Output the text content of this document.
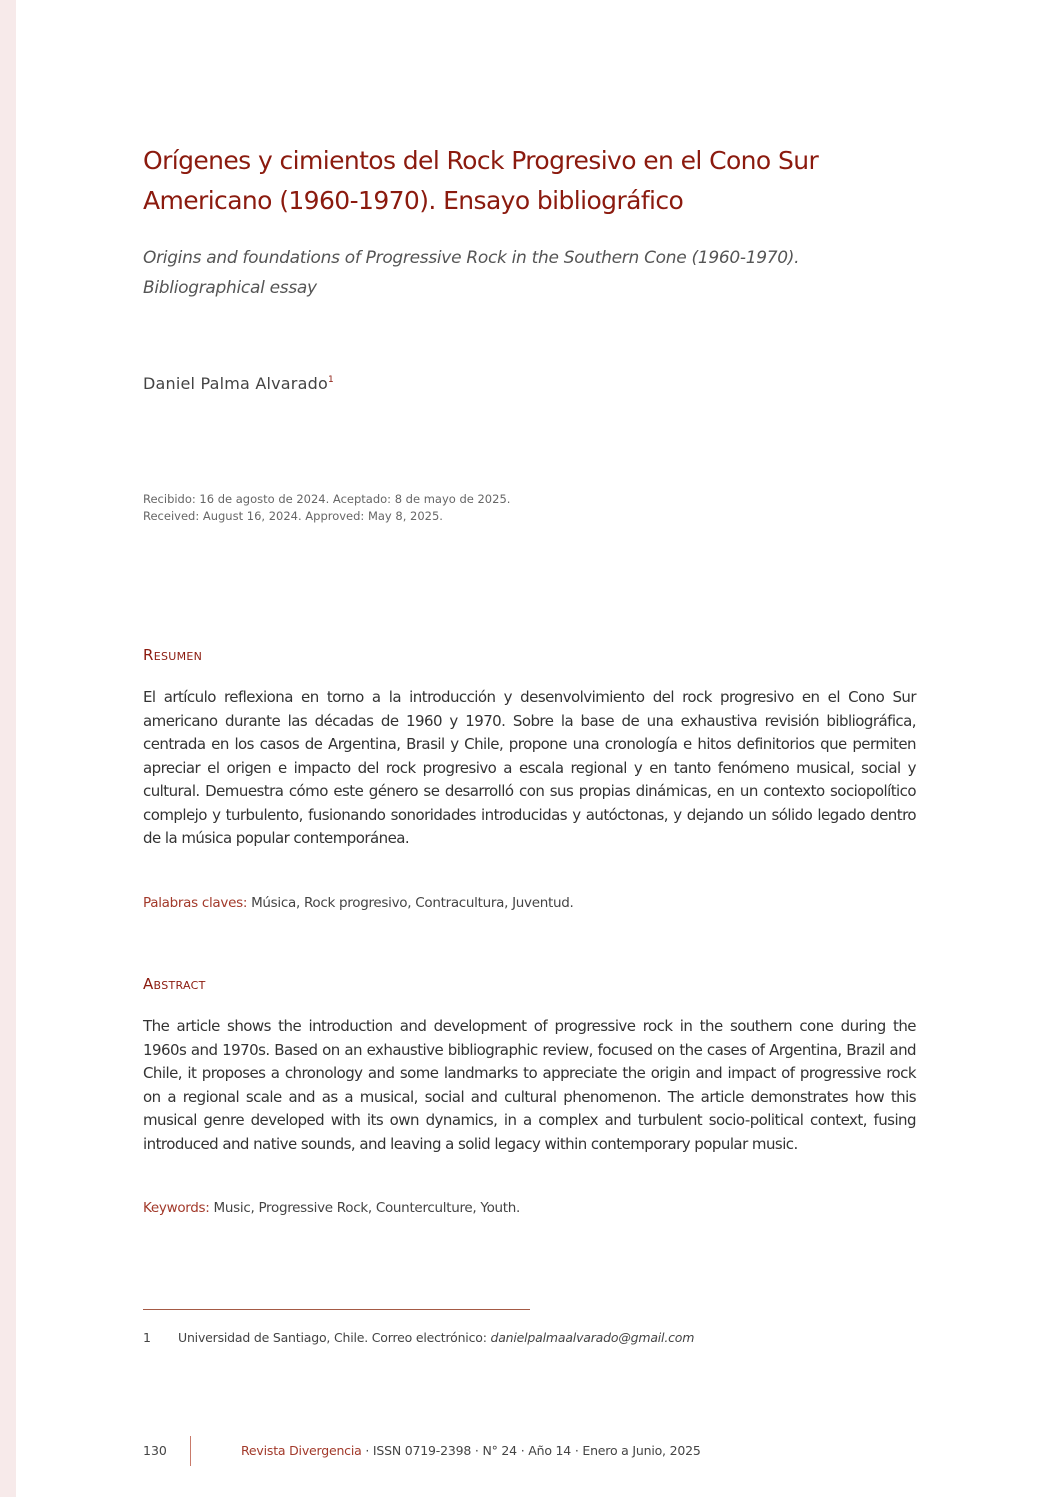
Orígenes y cimientos del Rock Progresivo en el Cono Sur Americano (1960-1970). Ensayo bibliográfico

Origins and foundations of Progressive Rock in the Southern Cone (1960-1970). Bibliographical essay

Daniel Palma Alvarado$^1$
Recibido: 16 de agosto de 2024. Aceptado: 8 de mayo de 2025.
Received: August 16, 2024. Approved: May 8, 2025.
Resumen

El artículo reflexiona en torno a la introducción y desenvolvimiento del rock progresivo en el Cono Sur americano durante las décadas de 1960 y 1970. Sobre la base de una exhaustiva revisión bibliográfica, centrada en los casos de Argentina, Brasil y Chile, propone una cronología e hitos definitorios que permiten apreciar el origen e impacto del rock progresivo a escala regional y en tanto fenómeno musical, social y cultural. Demuestra cómo este género se desarrolló con sus propias dinámicas, en un contexto sociopolítico complejo y turbulento, fusionando sonoridades introducidas y autóctonas, y dejando un sólido legado dentro de la música popular contemporánea.

Palabras claves: Música, Rock progresivo, Contracultura, Juventud.
Abstract

The article shows the introduction and development of progressive rock in the southern cone during the 1960s and 1970s. Based on an exhaustive bibliographic review, focused on the cases of Argentina, Brazil and Chile, it proposes a chronology and some landmarks to appreciate the origin and impact of progressive rock on a regional scale and as a musical, social and cultural phenomenon. The article demonstrates how this musical genre developed with its own dynamics, in a complex and turbulent socio-political context, fusing introduced and native sounds, and leaving a solid legacy within contemporary popular music.

Keywords: Music, Progressive Rock, Counterculture, Youth.
1 Universidad de Santiago, Chile. Correo electrónico: danielpalmaalvarado@gmail.com
130	Revista Divergencia · ISSN 0719-2398 · N° 24 · Año 14 · Enero a Junio, 2025
